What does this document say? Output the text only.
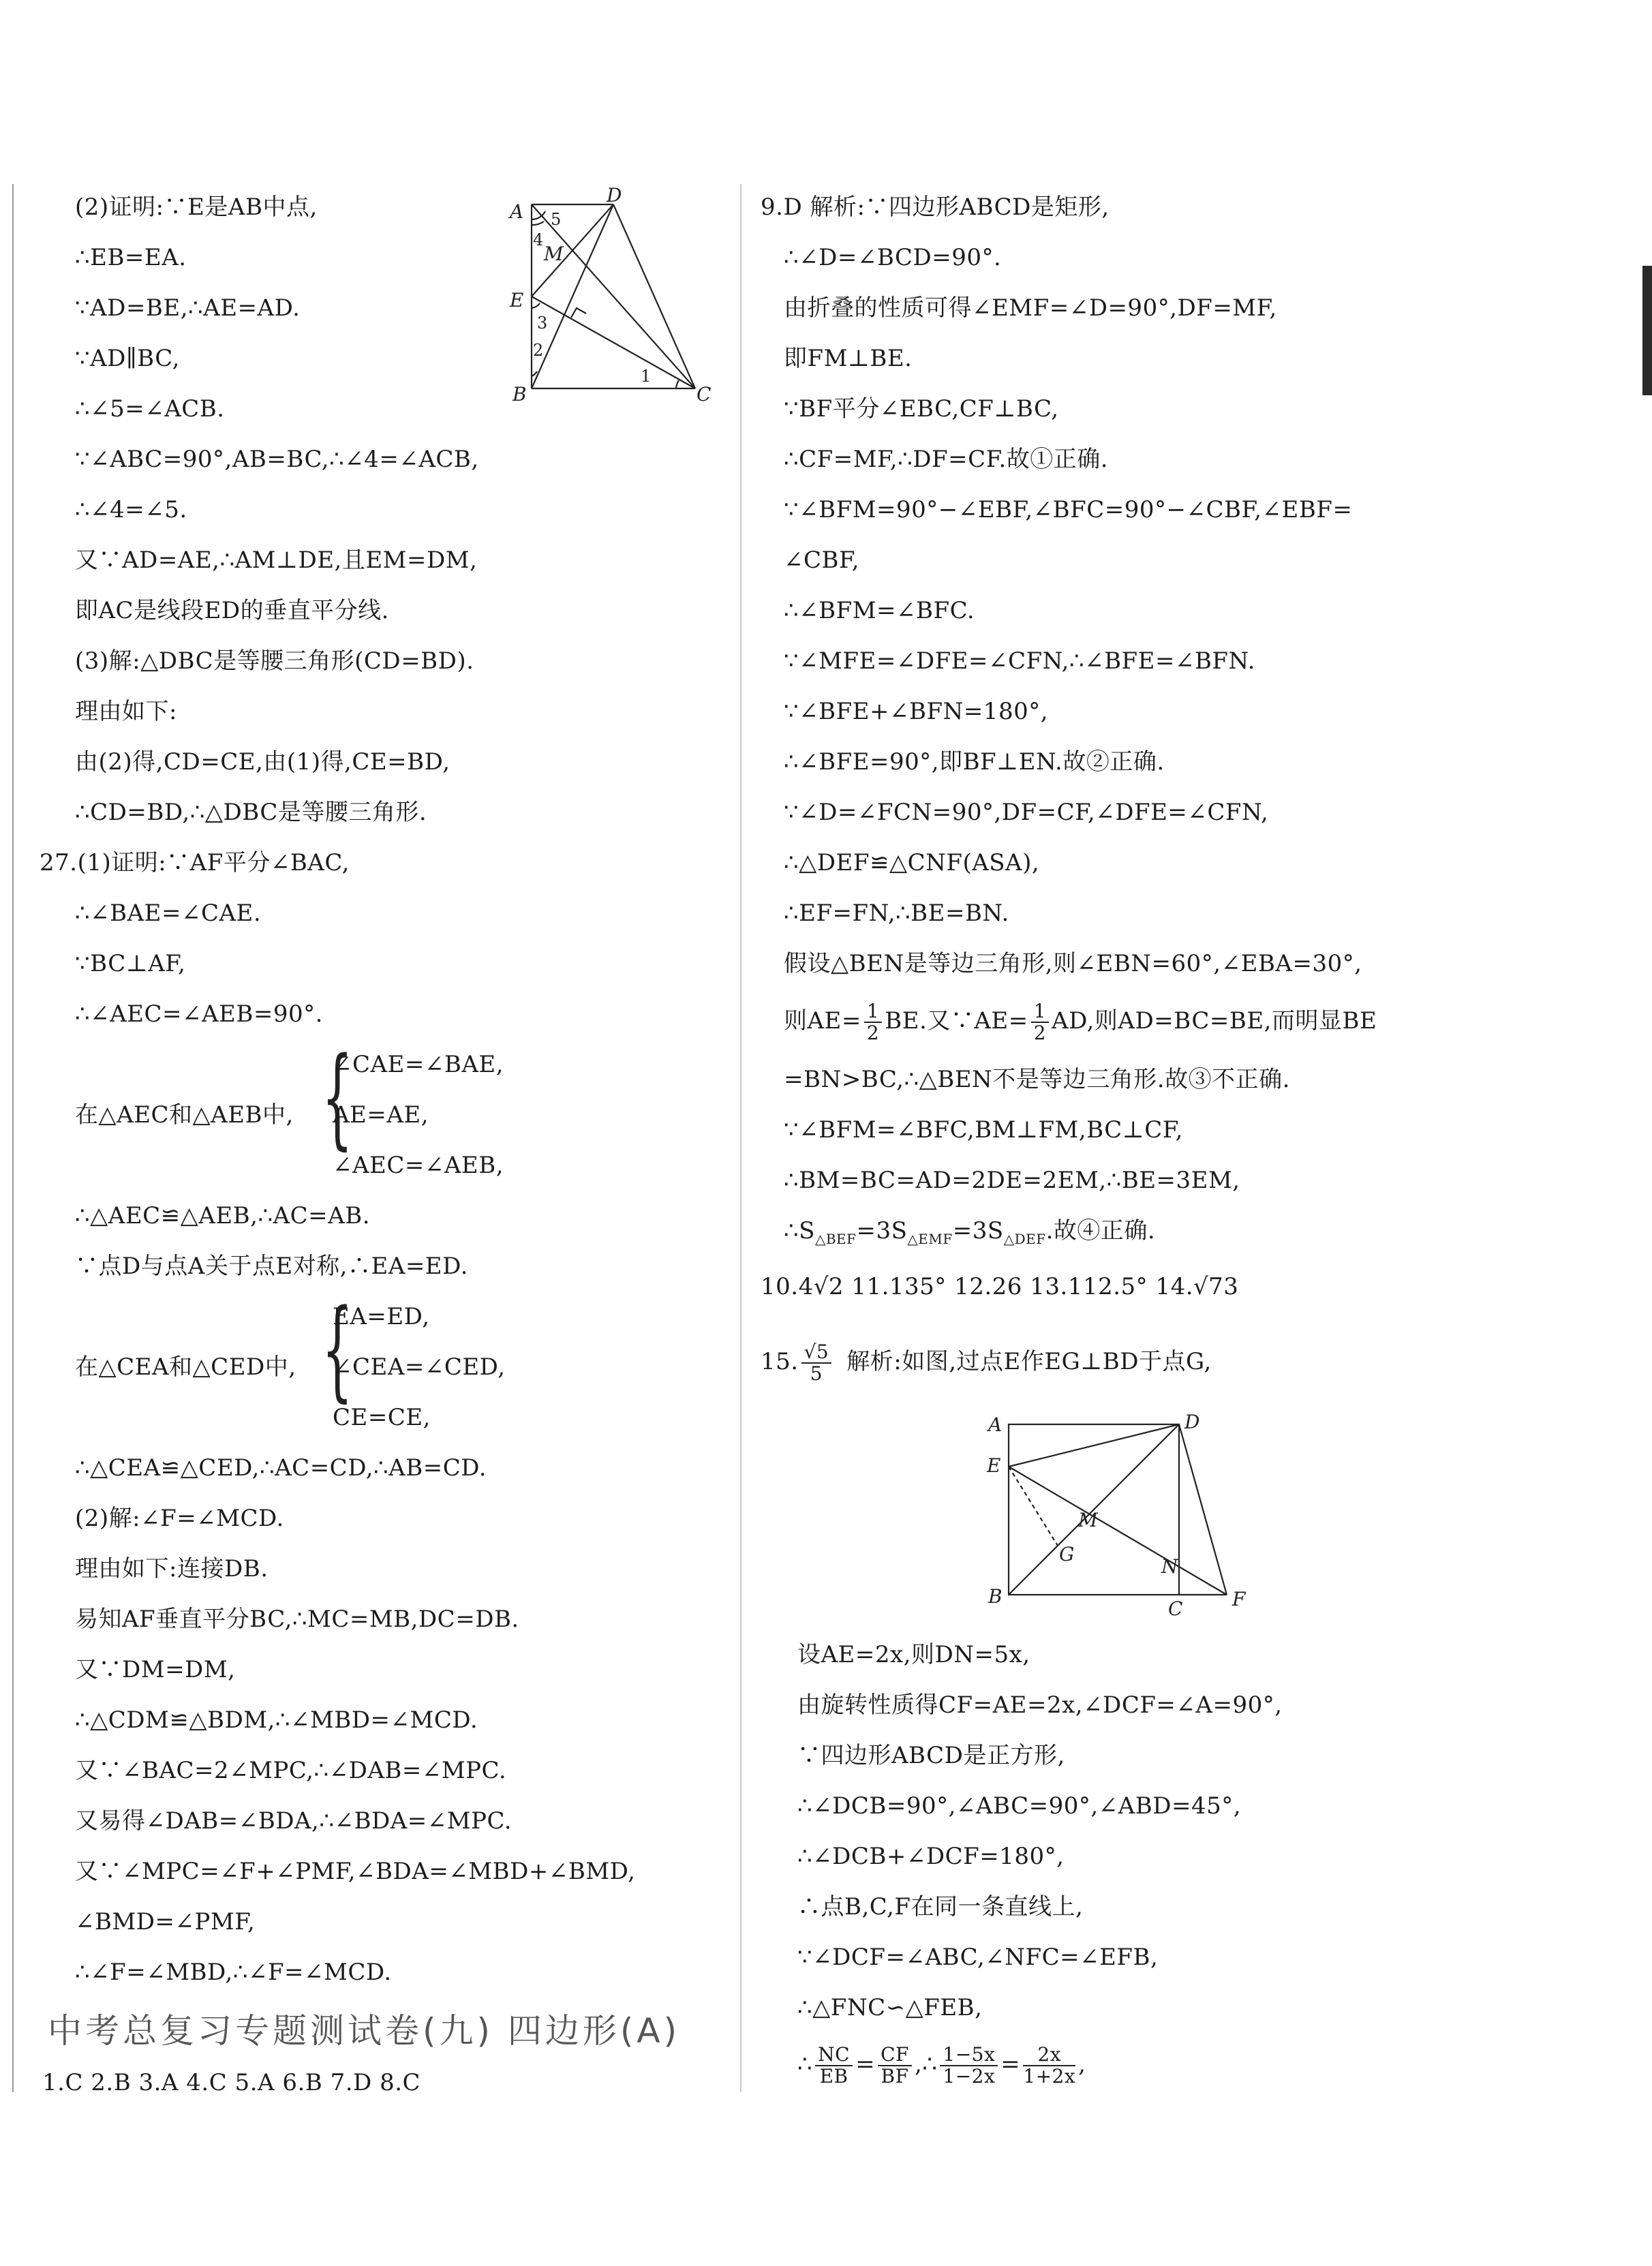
(2)证明:∵E是AB中点,
∴EB=EA.
∵AD=BE,∴AE=AD.
∵AD∥BC,
∴∠5=∠ACB.
∵∠ABC=90°,AB=BC,∴∠4=∠ACB,
∴∠4=∠5.
又∵AD=AE,∴AM⊥DE,且EM=DM,
即AC是线段ED的垂直平分线.
(3)解:△DBC是等腰三角形(CD=BD).
理由如下:
由(2)得,CD=CE,由(1)得,CE=BD,
∴CD=BD,∴△DBC是等腰三角形.
27.(1)证明:∵AF平分∠BAC,
∴∠BAE=∠CAE.
∵BC⊥AF,
∴∠AEC=∠AEB=90°.
在△AEC和△AEB中, {
∠CAE=∠BAE,
AE=AE,
∠AEC=∠AEB,
∴△AEC≌△AEB,∴AC=AB.
∵点D与点A关于点E对称,∴EA=ED.
在△CEA和△CED中, {
EA=ED,
∠CEA=∠CED,
CE=CE,
∴△CEA≌△CED,∴AC=CD,∴AB=CD.
(2)解:∠F=∠MCD.
理由如下:连接DB.
易知AF垂直平分BC,∴MC=MB,DC=DB.
又∵DM=DM,
∴△CDM≌△BDM,∴∠MBD=∠MCD.
又∵∠BAC=2∠MPC,∴∠DAB=∠MPC.
又易得∠DAB=∠BDA,∴∠BDA=∠MPC.
又∵∠MPC=∠F+∠PMF,∠BDA=∠MBD+∠BMD,
∠BMD=∠PMF,
∴∠F=∠MBD,∴∠F=∠MCD.
中考总复习专题测试卷(九) 四边形(A)
1.C 2.B 3.A 4.C 5.A 6.B 7.D 8.C
A
D
5
4
M
E
3
2
B
1
C
9.D 解析:∵四边形ABCD是矩形,
∴∠D=∠BCD=90°.
由折叠的性质可得∠EMF=∠D=90°,DF=MF,
即FM⊥BE.
∵BF平分∠EBC,CF⊥BC,
∴CF=MF,∴DF=CF.故①正确.
∵∠BFM=90°−∠EBF,∠BFC=90°−∠CBF,∠EBF=
∠CBF,
∴∠BFM=∠BFC.
∵∠MFE=∠DFE=∠CFN,∴∠BFE=∠BFN.
∵∠BFE+∠BFN=180°,
∴∠BFE=90°,即BF⊥EN.故②正确.
∵∠D=∠FCN=90°,DF=CF,∠DFE=∠CFN,
∴△DEF≌△CNF(ASA),
∴EF=FN,∴BE=BN.
假设△BEN是等边三角形,则∠EBN=60°,∠EBA=30°,
则$AE= \frac{1}{2}$ BE.又∵AE= $\frac{1}{2}$ AD,则AD=BC=BE,而明显BE
=BN>BC,∴△BEN不是等边三角形.故③不正确.
∵∠BFM=∠BFC,BM⊥FM,BC⊥CF,
∴BM=BC=AD=2DE=2EM,∴BE=3EM,
$\therefore S_{\triangle BEF}=3S_{\triangle EMF}=3S_{\triangle DEF}$.故④正确.
10.4√2 11.135° 12.26 13.112.5° 14.√73
15. $\frac{√5}{5}$ 解析:如图,过点E作EG⊥BD于点G,
设AE=2x,则DN=5x,
由旋转性质得CF=AE=2x,∠DCF=∠A=90°,
∵四边形ABCD是正方形,
∴∠DCB=90°,∠ABC=90°,∠ABD=45°,
∴∠DCB+∠DCF=180°,
∴点B,C,F在同一条直线上,
∵∠DCF=∠ABC,∠NFC=∠EFB,
∴△FNC∽△FEB,
∴ $\frac{NC}{EB} = \frac{CF}{BF}$ ,∴ $\frac{1-5x}{1-2x} = \frac{2x}{1+2x}$ ,
A	D
E
M
G
N
B
C	F
